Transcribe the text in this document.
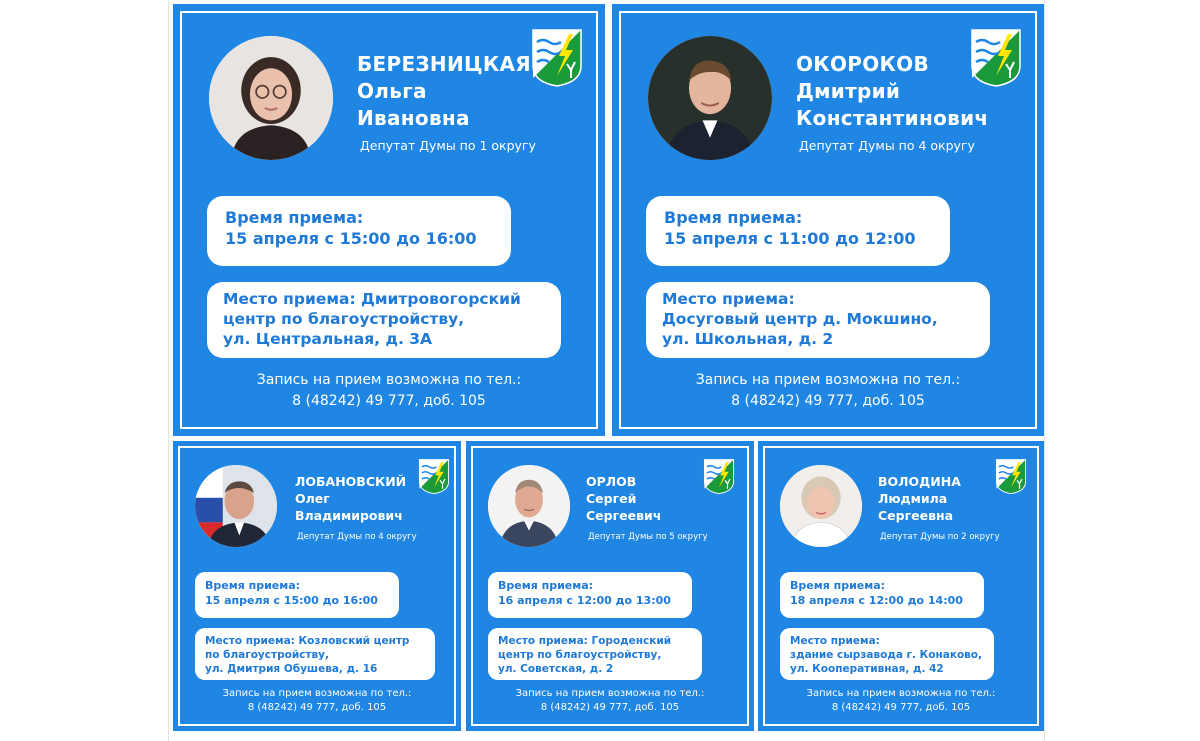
БЕРЕЗНИЦКАЯ
Ольга
Ивановна
Депутат Думы по 1 округу
Время приема:
15 апреля с 15:00 до 16:00
Место приема: Дмитровогорский
центр по благоустройству,
ул. Центральная, д. 3А
Запись на прием возможна по тел.:
8 (48242) 49 777, доб. 105
ОКОРОКОВ
Дмитрий
Константинович
Депутат Думы по 4 округу
Время приема:
15 апреля с 11:00 до 12:00
Место приема:
Досуговый центр д. Мокшино,
ул. Школьная, д. 2
Запись на прием возможна по тел.:
8 (48242) 49 777, доб. 105
ЛОБАНОВСКИЙ
Олег
Владимирович
Депутат Думы по 4 округу
Время приема:
15 апреля с 15:00 до 16:00
Место приема: Козловский центр
по благоустройству,
ул. Дмитрия Обушева, д. 16
Запись на прием возможна по тел.:
8 (48242) 49 777, доб. 105
ОРЛОВ
Сергей
Сергеевич
Депутат Думы по 5 округу
Время приема:
16 апреля с 12:00 до 13:00
Место приема: Городенский
центр по благоустройству,
ул. Советская, д. 2
Запись на прием возможна по тел.:
8 (48242) 49 777, доб. 105
ВОЛОДИНА
Людмила
Сергеевна
Депутат Думы по 2 округу
Время приема:
18 апреля с 12:00 до 14:00
Место приема:
здание сырзавода г. Конаково,
ул. Кооперативная, д. 42
Запись на прием возможна по тел.:
8 (48242) 49 777, доб. 105
